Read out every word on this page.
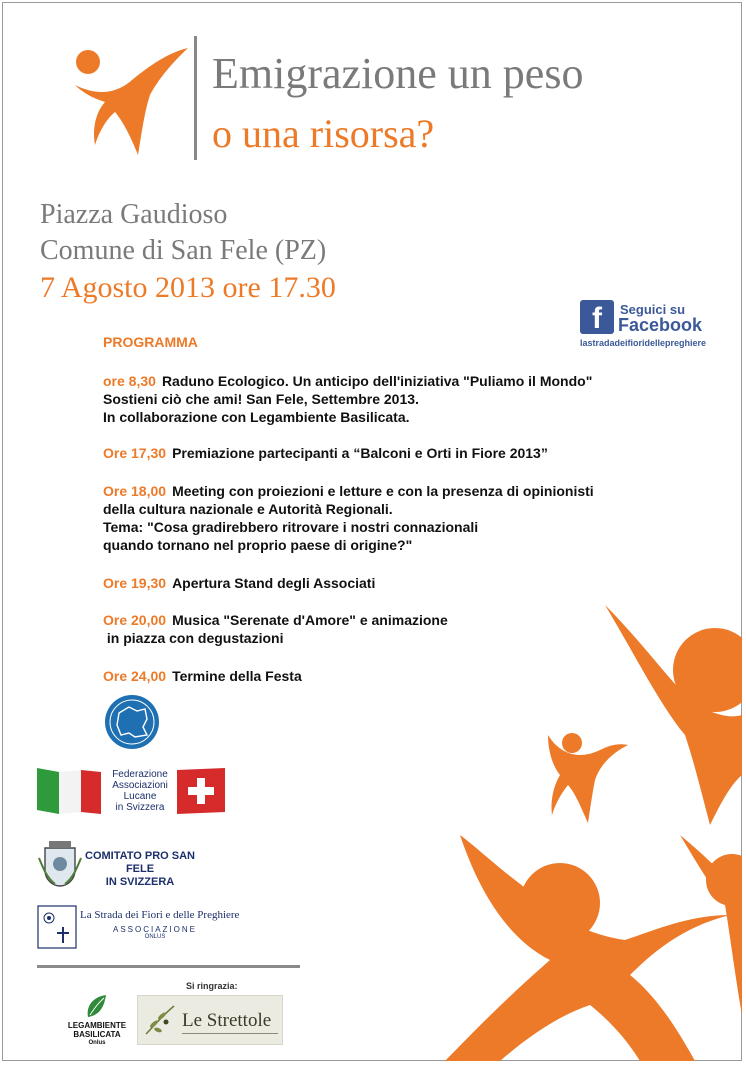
Emigrazione un peso
o una risorsa?
Piazza Gaudioso
Comune di San Fele (PZ)
7 Agosto 2013 ore 17.30
f	Seguici su
Facebook
lastradadeifioridellepreghiere
PROGRAMMA
ore 8,30 Raduno Ecologico. Un anticipo dell'iniziativa "Puliamo il Mondo"
Sostieni ciò che ami! San Fele, Settembre 2013.
In collaborazione con Legambiente Basilicata.
Ore 17,30 Premiazione partecipanti a “Balconi e Orti in Fiore 2013”
Ore 18,00 Meeting con proiezioni e letture e con la presenza di opinionisti
della cultura nazionale e Autorità Regionali.
Tema: "Cosa gradirebbero ritrovare i nostri connazionali
quando tornano nel proprio paese di origine?"
Ore 19,30 Apertura Stand degli Associati
Ore 20,00 Musica "Serenate d'Amore" e animazione
in piazza con degustazioni
Ore 24,00 Termine della Festa
Federazione
Associazioni
Lucane
in Svizzera
COMITATO PRO SAN FELE
IN SVIZZERA
La Strada dei Fiori e delle Preghiere
ASSOCIAZIONE
ONLUS
Si ringrazia:
LEGAMBIENTE
BASILICATA
Onlus
Le Strettole
